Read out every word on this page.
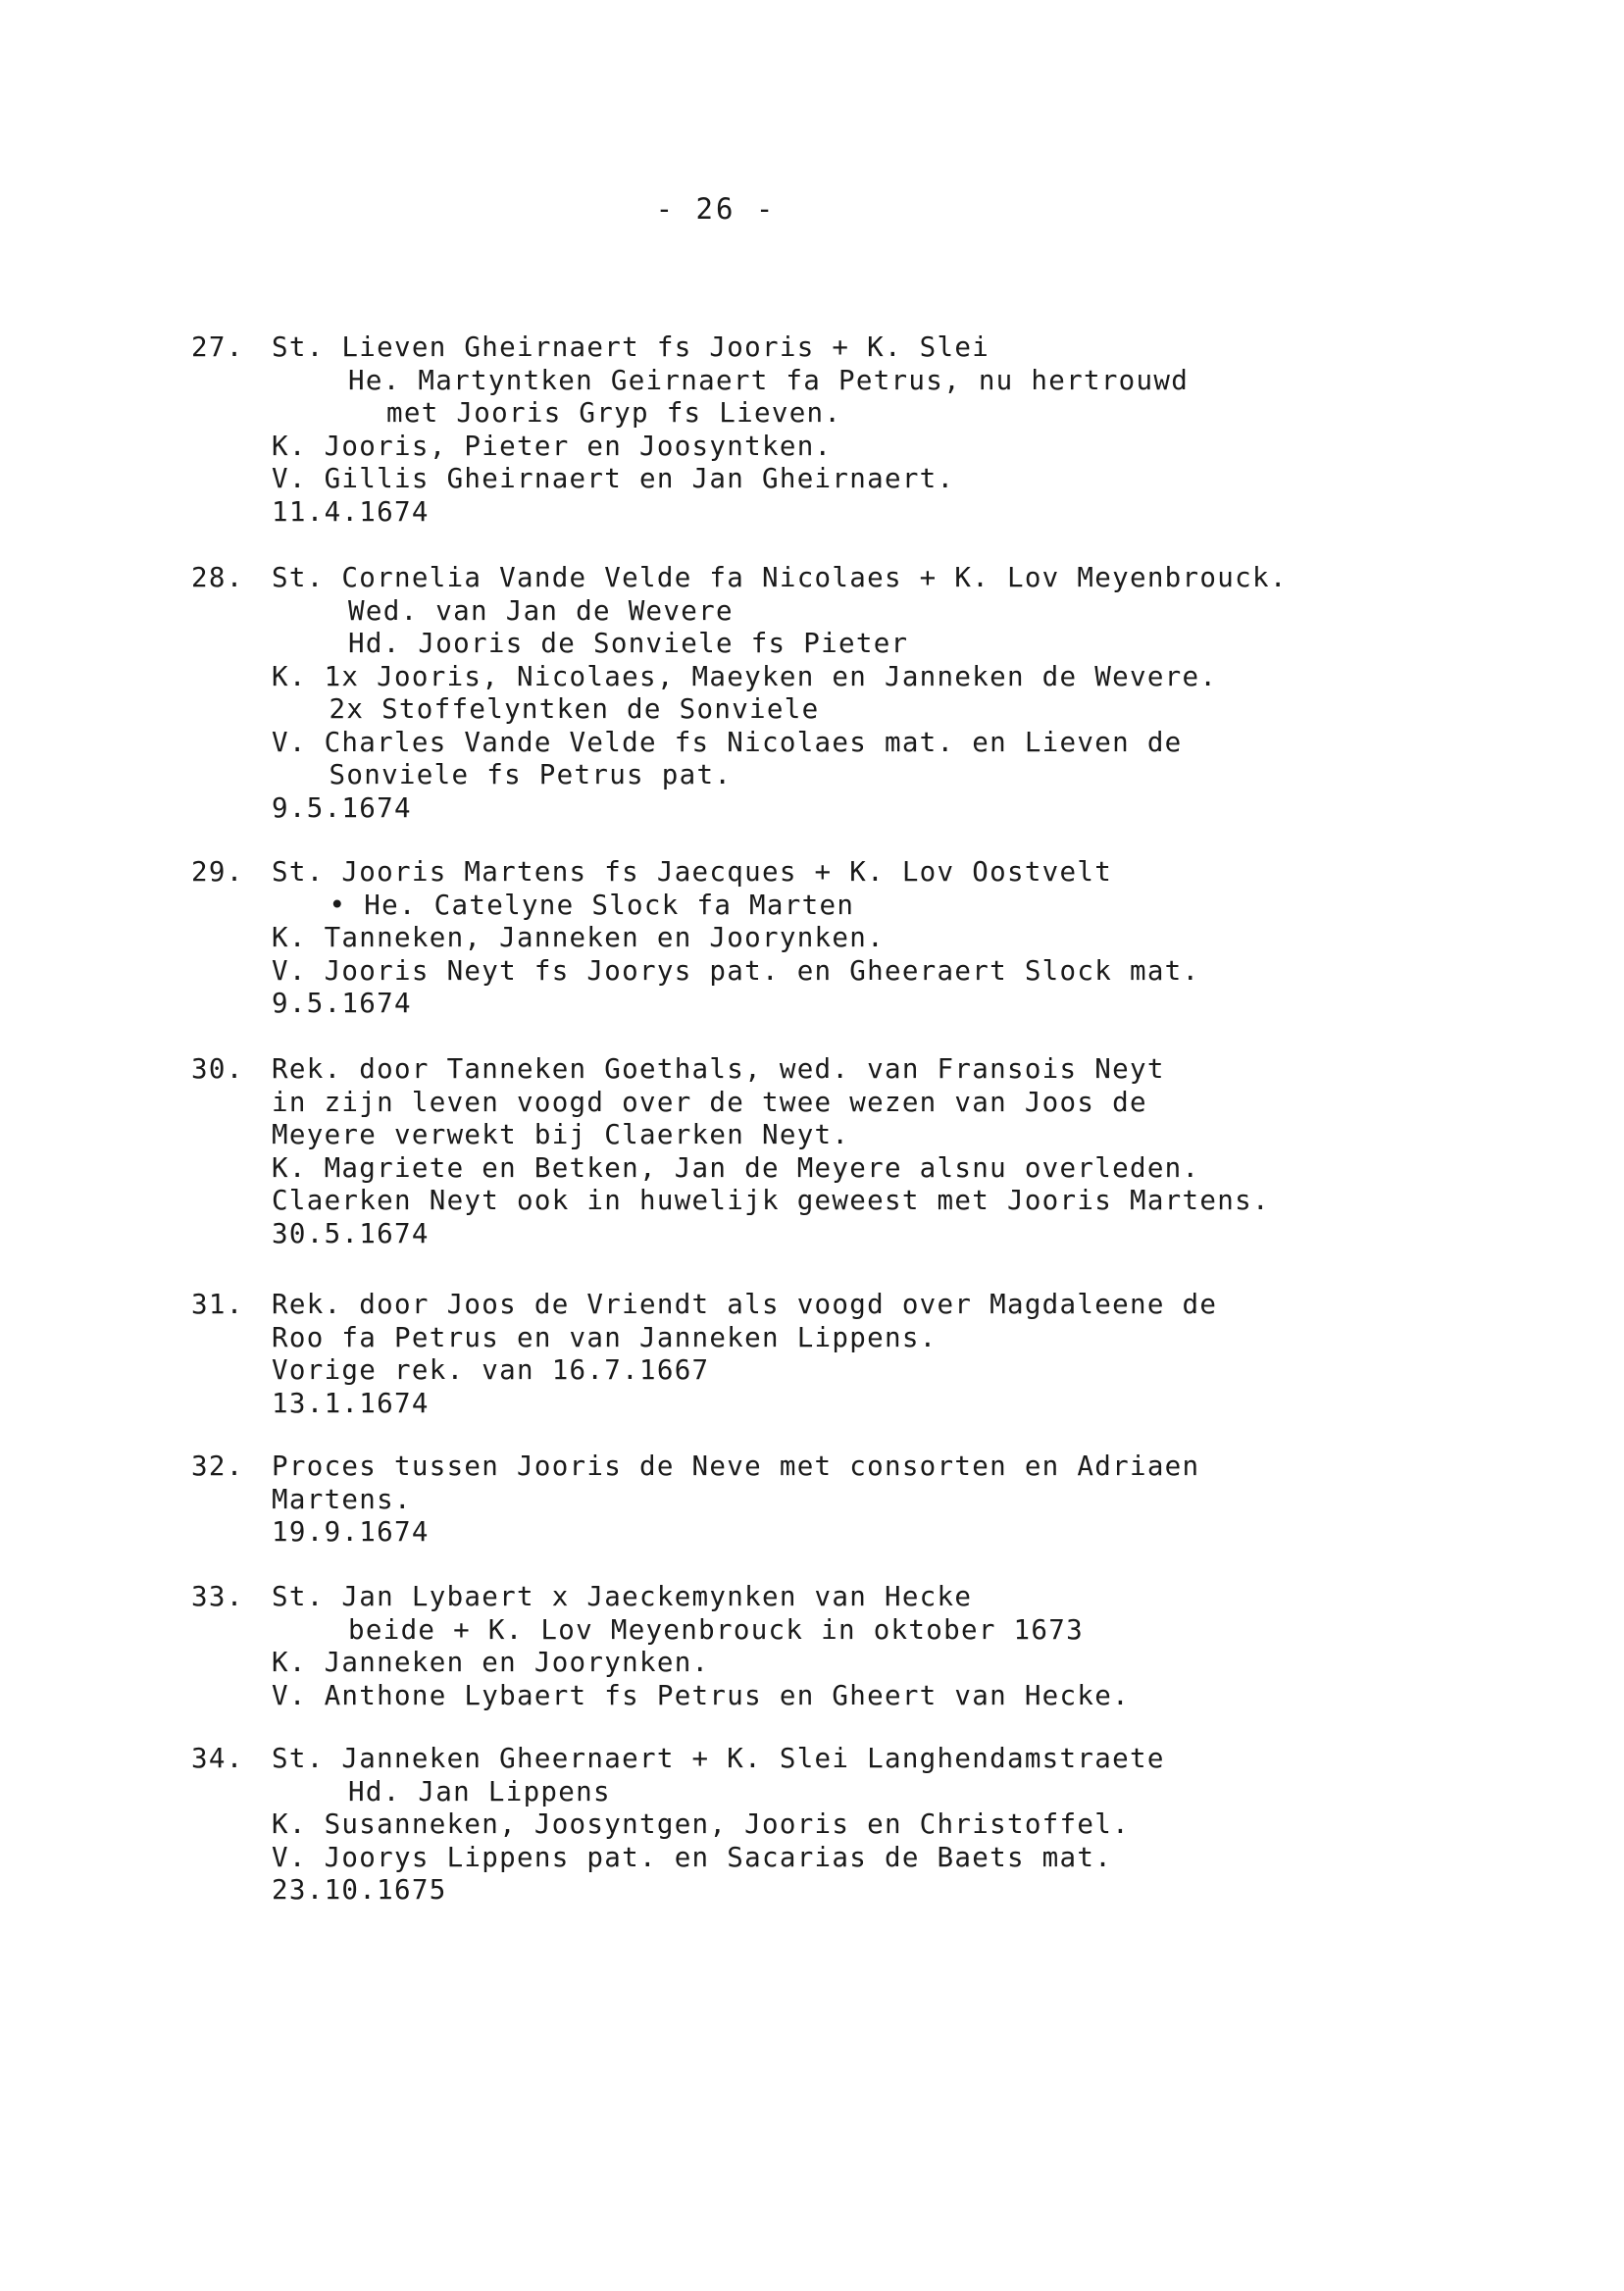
- 26 -
27. St. Lieven Gheirnaert fs Jooris + K. Slei
He. Martyntken Geirnaert fa Petrus, nu hertrouwd
met Jooris Gryp fs Lieven.
K. Jooris, Pieter en Joosyntken.
V. Gillis Gheirnaert en Jan Gheirnaert.
11.4.1674
28. St. Cornelia Vande Velde fa Nicolaes + K. Lov Meyenbrouck.
Wed. van Jan de Wevere
Hd. Jooris de Sonviele fs Pieter
K. 1x Jooris, Nicolaes, Maeyken en Janneken de Wevere.
2x Stoffelyntken de Sonviele
V. Charles Vande Velde fs Nicolaes mat. en Lieven de
Sonviele fs Petrus pat.
9.5.1674
29. St. Jooris Martens fs Jaecques + K. Lov Oostvelt
• He. Catelyne Slock fa Marten
K. Tanneken, Janneken en Joorynken.
V. Jooris Neyt fs Joorys pat. en Gheeraert Slock mat.
9.5.1674
30. Rek. door Tanneken Goethals, wed. van Fransois Neyt
in zijn leven voogd over de twee wezen van Joos de
Meyere verwekt bij Claerken Neyt.
K. Magriete en Betken, Jan de Meyere alsnu overleden.
Claerken Neyt ook in huwelijk geweest met Jooris Martens.
30.5.1674
31. Rek. door Joos de Vriendt als voogd over Magdaleene de
Roo fa Petrus en van Janneken Lippens.
Vorige rek. van 16.7.1667
13.1.1674
32. Proces tussen Jooris de Neve met consorten en Adriaen
Martens.
19.9.1674
33. St. Jan Lybaert x Jaeckemynken van Hecke
beide + K. Lov Meyenbrouck in oktober 1673
K. Janneken en Joorynken.
V. Anthone Lybaert fs Petrus en Gheert van Hecke.
34. St. Janneken Gheernaert + K. Slei Langhendamstraete
Hd. Jan Lippens
K. Susanneken, Joosyntgen, Jooris en Christoffel.
V. Joorys Lippens pat. en Sacarias de Baets mat.
23.10.1675
